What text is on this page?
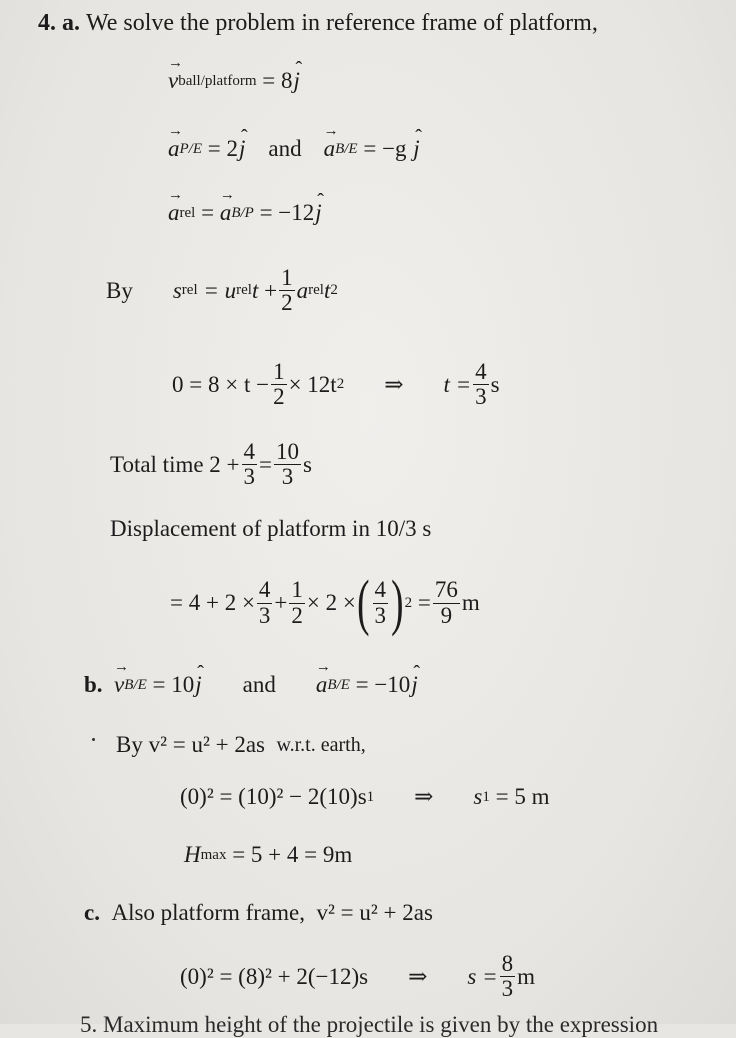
4.
a.
We solve the problem in reference frame of platform,
→ v ball/platform
= 8 ˆ j
→ a P/E
= 2 ˆ j and → a B/E
= −g
ˆ j
→ a rel = → a B/P
= −12 ˆ j
By s rel
= u rel $t + \frac{1}{2}$ a rel t 2
$0 = 8 \times t - \frac{1}{2} \times 12t$ 2 ⇒ $t = \frac{4}{3}$ s
Total time $2 + \frac{4}{3} = \frac{10}{3}$ s
Displacement of platform in 10/3 s
= $4 + 2 \times \frac{4}{3} + \frac{1}{2} \times 2$ × ( $\frac{4}{3}$ ) $2 = \frac{76}{9}$ m
b.
→ v B/E
= 10 ˆ j and → a B/E
= −10 ˆ j
By v² = u² + 2as
w.r.t. earth,
(0)² = (10)² − 2(10)s 1 ⇒ s 1
= 5 m
H max
= 5 + 4 = 9m
c.
Also platform frame,
v² = u² + 2as
(0)² = (8)² + 2(−12)s ⇒ $s = \frac{8}{3}$ m
5. Maximum height of the projectile is given by the expression
